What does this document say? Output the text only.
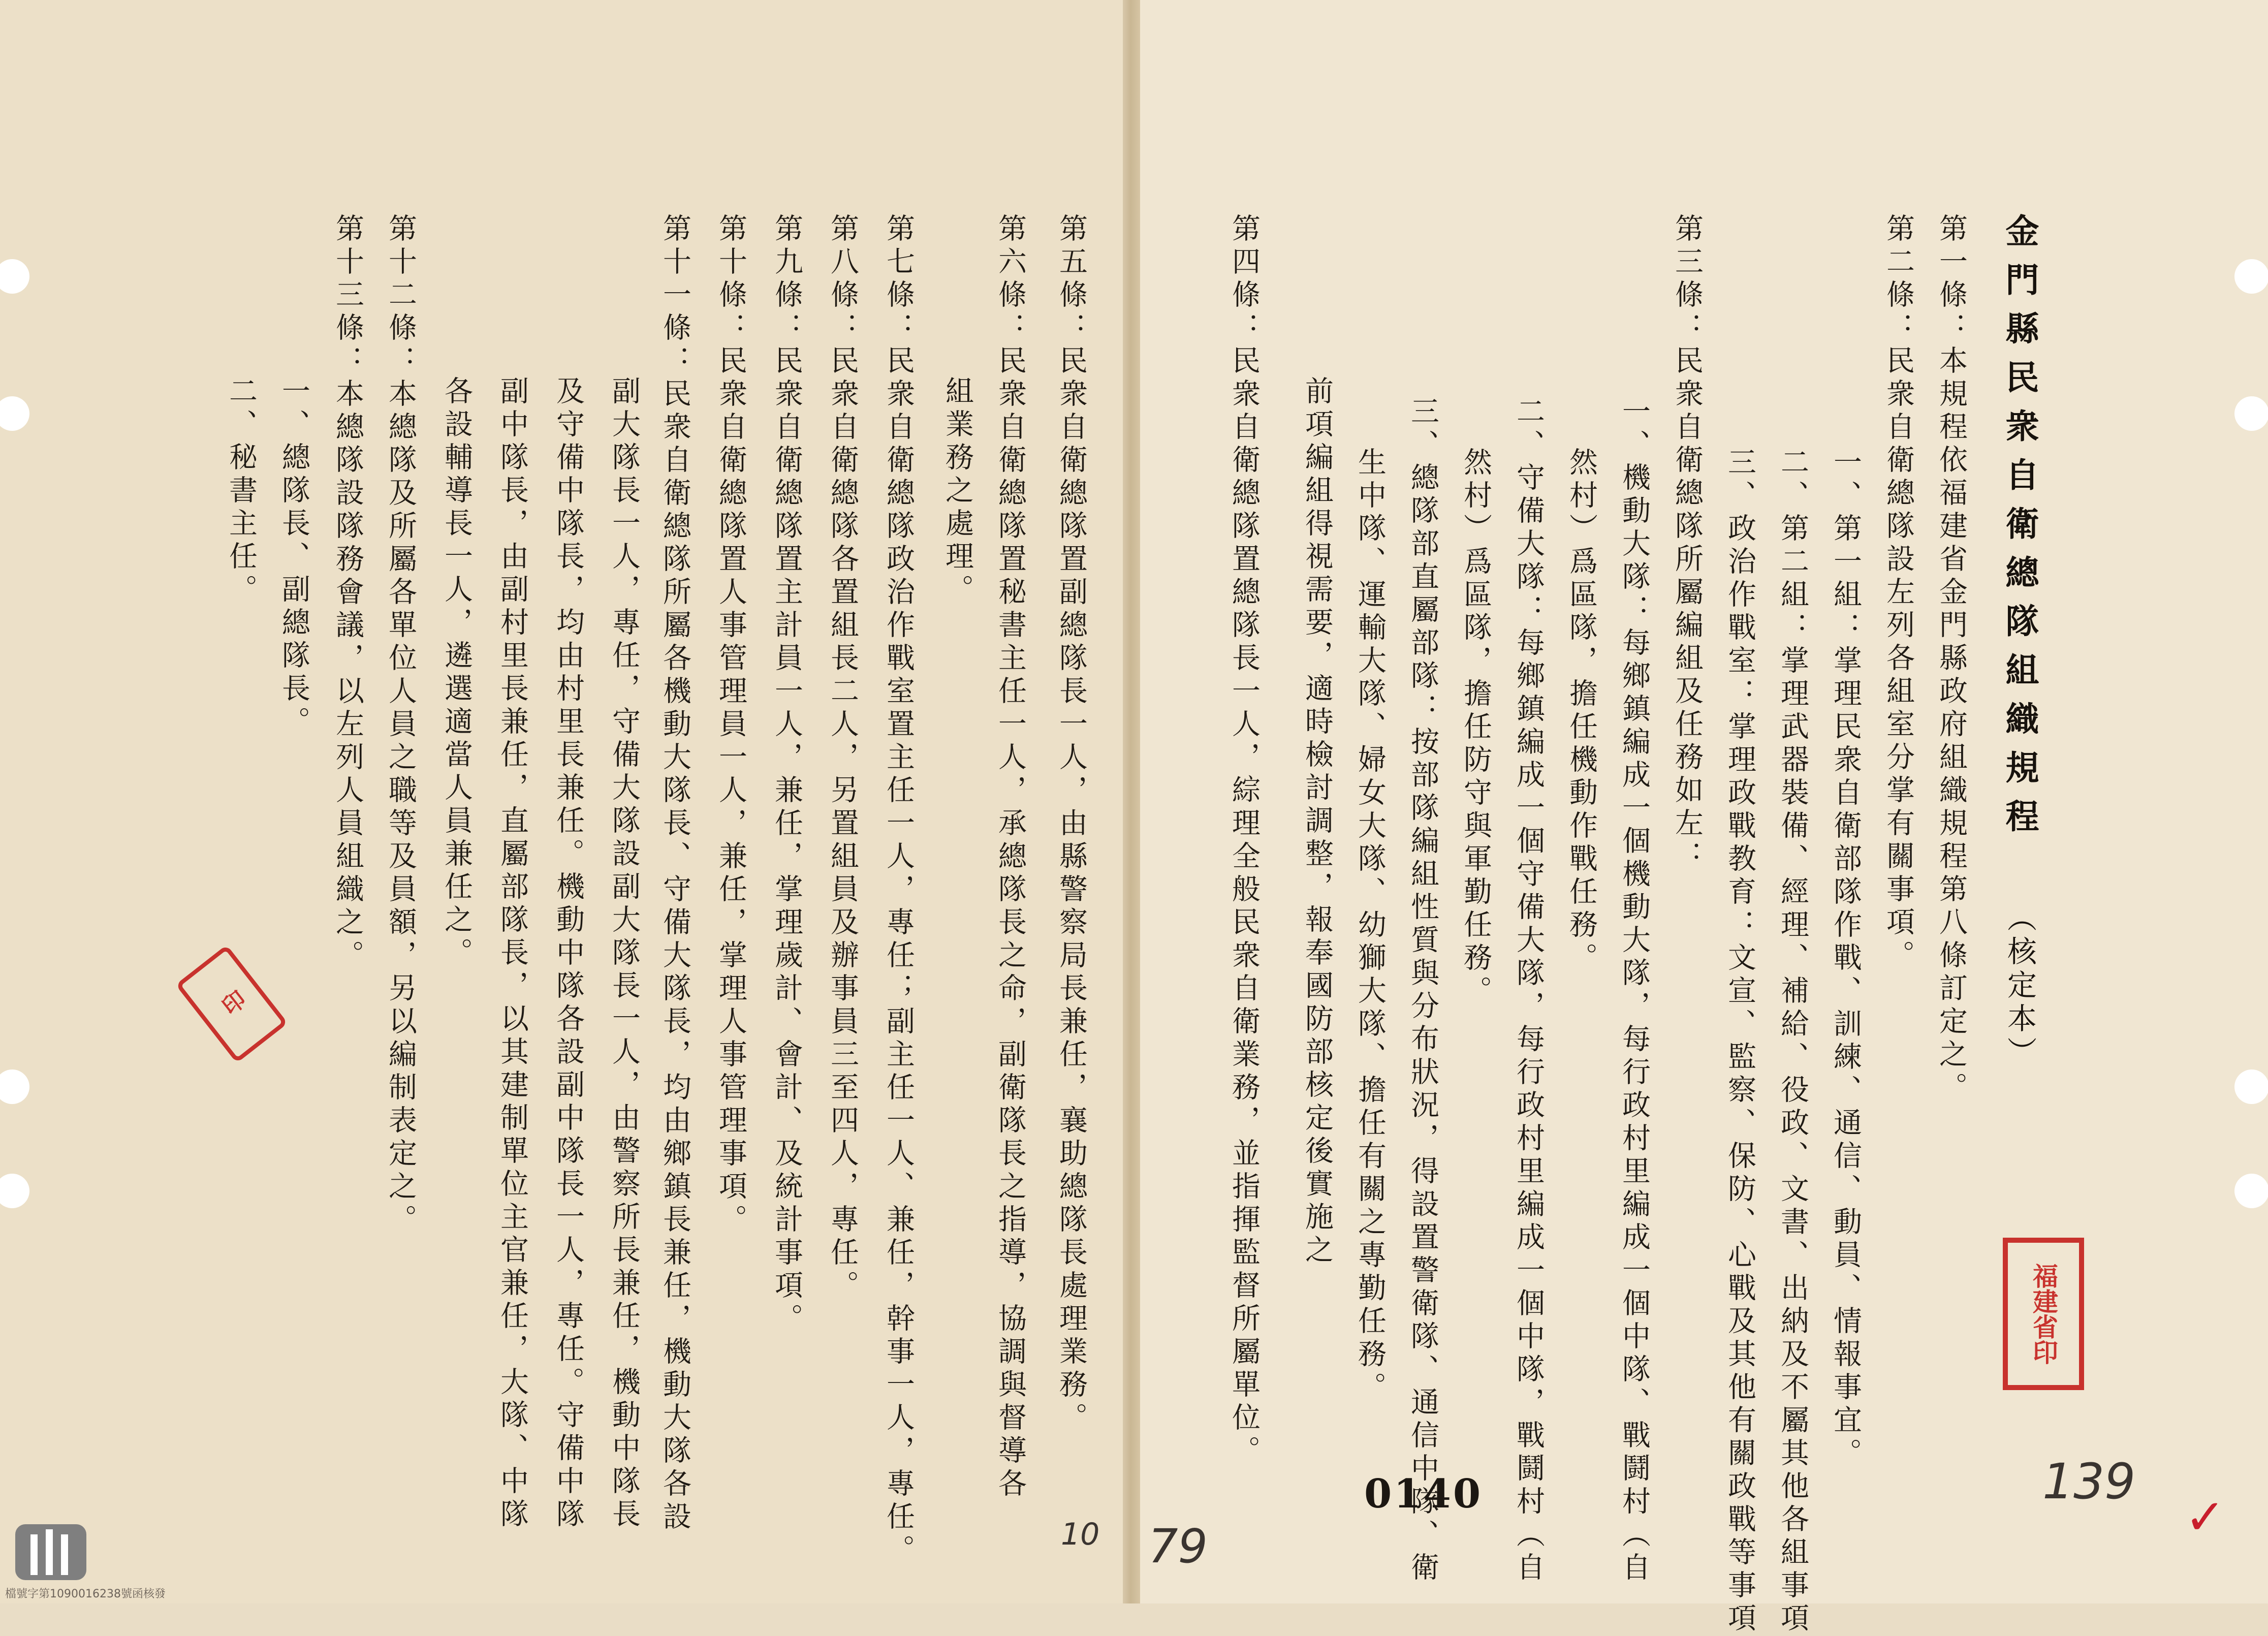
金門縣民衆自衛總隊組織規程 （核定本）
第一條：本規程依福建省金門縣政府組織規程第八條訂定之。
第二條：民衆自衛總隊設左列各組室分掌有關事項。
一、第一組：掌理民衆自衛部隊作戰、訓練、通信、動員、情報事宜。
二、第二組：掌理武器裝備、經理、補給、役政、文書、出納及不屬其他各組事項
三、政治作戰室：掌理政戰教育：文宣、監察、保防、心戰及其他有關政戰等事項
第三條：民衆自衛總隊所屬編組及任務如左：
一、機動大隊：每鄉鎮編成一個機動大隊，每行政村里編成一個中隊、戰鬪村（自
然村）爲區隊，擔任機動作戰任務。
二、守備大隊：每鄉鎮編成一個守備大隊，每行政村里編成一個中隊，戰鬪村（自
然村）爲區隊，擔任防守與軍勤任務。
三、總隊部直屬部隊：按部隊編組性質與分布狀況，得設置警衛隊、通信中隊、衛
生中隊、運輸大隊、婦女大隊、幼獅大隊、擔任有關之專勤任務。
前項編組得視需要，適時檢討調整，報奉國防部核定後實施之
第四條：民衆自衛總隊置總隊長一人，綜理全般民衆自衛業務，並指揮監督所屬單位。
0140	139
✓
福建省印
第五條：民衆自衛總隊置副總隊長一人，由縣警察局長兼任，襄助總隊長處理業務。
第六條：民衆自衛總隊置秘書主任一人，承總隊長之命，副衛隊長之指導，協調與督導各
組業務之處理。
第七條：民衆自衛總隊政治作戰室置主任一人，專任；副主任一人、兼任，幹事一人，專任。
第八條：民衆自衛總隊各置組長二人，另置組員及辦事員三至四人，專任。
第九條：民衆自衛總隊置主計員一人，兼任，掌理歲計、會計、及統計事項。
第十條：民衆自衛總隊置人事管理員一人，兼任，掌理人事管理事項。
第十一條：民衆自衛總隊所屬各機動大隊長、守備大隊長，均由鄉鎮長兼任，機動大隊各設
副大隊長一人，專任，守備大隊設副大隊長一人，由警察所長兼任，機動中隊長
及守備中隊長，均由村里長兼任。機動中隊各設副中隊長一人，專任。守備中隊
副中隊長，由副村里長兼任，直屬部隊長，以其建制單位主官兼任，大隊、中隊
各設輔導長一人，遴選適當人員兼任之。
第十二條：本總隊及所屬各單位人員之職等及員額，另以編制表定之。
第十三條：本總隊設隊務會議，以左列人員組織之。
一、總隊長、副總隊長。
二、秘書主任。
10 79
印
檔號字第1090016238號函核發
